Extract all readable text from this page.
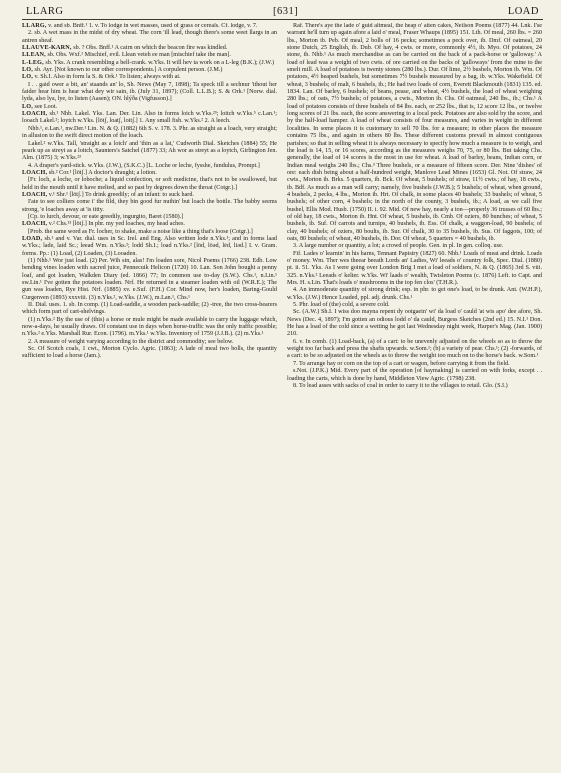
LLARG	[631]	LOAD

LLARG, v. and sb. Bnff.¹ 1. v. To lodge in wet masses, used of grass or cereals. Cf. lodge, v. 7.

2. sb. A wet mass in the midst of dry wheat. The corn 'ill lead, though there's some weet llargs in an antren sheaf.

LLAUVE-KARN, sb. ? Obs. Bnff.¹ A cairn on which the beacon fire was kindled.

LLEAN, sb. Obs. Wxf.¹ Mischief, evil. Llean veteh ee man [mischief take the man].

L-LEG, sb. Yks. A crank resembling a bell-crank. w.Yks. It will hev ta work on a L-leg (B.K.); (J.W.)

LO, sb. Ayr. [Not known to our other correspondents.] A corpulent person. (J.M.)

LO, v. Sh.I. Also in form la S. & Ork.¹ To listen; always with at.

I . . gaid ower a bit, an' staands an' lo, Sh. News (May 7, 1898); Ta speck till a sechnur 'ithout her faider hear him is hear what dey wir sain, ib. (July 31, 1897); (Coll. L.L.B.); S. & Ork.¹ [Norw. dial. lyda, also lya, lye, to listen (Aasen); ON. hlýða (Vigfusson).]

LO, see Loot.

LOACH, sb.¹ Nhb. Lakel. Yks. Lan. Der. Lin. Also in forms loich w.Yks.²³; loitch w.Yks.⁵ c.Lan.¹; looach Lakel.²; loytch w.Yks. [lōtʃ, loatʃ, loitʃ.] 1. Any small fish. w.Yks.² 2. A leech.

Nhb.¹, e.Lan.¹, nw.Der.¹ Lin. N. & Q. (1882) 6th S. v. 178. 3. Phr. as straight as a loach, very straight; in allusion to the swift direct motion of the loach.

Lakel.² w.Yks. Tall, 'straight as a loich' and 'thin as a lat,' Cudworth Dial. Sketches (1884) 55; He peark up as streyt as a loitch, Saunters's Satchel (1877) 33; Ah wor as streyt as a loytch, Girlington Jen. Alm. (1875) 3; w.Yks.²³

4. A draper's yard-stick. w.Yks. (J.W.), (S.K.C.) [L. Loche or leche, fysshe, fundulus, Prompt.]

LOACH, sb.² Cor.¹ [lōtʃ.] A doctor's draught; a lotion.

[Fr. loch, a loche, or loboche; a liquid confection, or soft medicine, that's not to be swallowed, but held in the mouth until it have melted, and so past by degrees down the throat (Cotgr.).]

LOACH, v.¹ Shr.¹ [lōtʃ.] To drink greedily; of an infant: to suck hard.

I'ate to see colliers come i' the fild, they bin good fur nuthin' but loach the bottle. The babby seems strong, 'e loaches away at 'is titty.

[Cp. to lurch, devour, or eate greedily, ingurgito, Baret (1580).]

LOACH, v.² Chs.¹³ [lōtʃ.] In phr. my yed loaches, my head aches.

[Prob. the same word as Fr. locher, to shake, make a noise like a thing that's loose (Cotgr.).]

LOAD, sb.¹ and v. Var. dial. uses in Sc. Irel. and Eng. Also written lode n.Yks.¹; and in forms laad w.Yks.; lade, laid Sc.; leead Wm. n.Yks.²; lodd Sh.I.; load n.Yks.² [lōd, lōəd, lēd, liəd.] I. v. Gram. forms. Pp.: (1) Load, (2) Loaden, (3) Looaden.

(1) Nhb.¹ Wor just load. (2) Per. Wih sin, alas! I'm loaden sore, Nicol Poems (1766) 238. Edb. Low bending vines loaden with sacred juice, Pennecuik Helicon (1720) 10. Lan. Son John bought a penny loaf, and got loaden, Walkden Diary (ed. 1866) 77; In common use to-day (S.W.). Chs.¹, n.Lin.¹ sw.Lin.¹ I've gotten the potatoes loaden. Nrf. He returned in a steamer loaden with oil (W.R.E.); The gun was loaden, Rye Hist. Nrf. (1885) xv. e.Suf. (F.H.) Cor. Mind now, her's loaden, Baring-Gould Curgenven (1893) xxxviii. (3) n.Yks.², w.Yks. (J.W.), m.Lan.¹, Chs.¹

II. Dial. uses. 1. sb. In comp. (1) Load-saddle, a wooden pack-saddle; (2) -tree, the two cross-bearers which form part of cart-shelvings.

(1) n.Yks.² By the use of (this) a horse or mule might be made available to carry the luggage which, now-a-days, he usually draws. Of constant use in days when horse-traffic was the only traffic possible; n.Yks.² e.Yks. Marshall Rur. Econ. (1796). m.Yks.¹ w.Yks. Inventory of 1759 (J.J.B.). (2) m.Yks.¹

2. A measure of weight varying according to the district and commodity; see below.

Sc. Of Scotch coals, 1 cwt., Morton Cyclo. Agric. (1863); A lade of meal two bolls, the quantity sufficient to load a horse (Jam.).

Raf. There's aye the lade o' guid altmeal, the heap o' aiten cakes, Neilson Poems (1877) 44. Lnk. I'se warrant he'll turn up again afore a laid o' meal, Fraser Whaups (1895) 151. Lth. Of meal, 260 lbs. = 260 lbs., Morton ib. Peb. Of meal, 2 bolls of 16 pecks; sometimes a peck over, ib. Dmf. Of oatmeal, 20 stone Dutch, 25 English, ib. Dub. Of hay, 4 cwts. or more, commonly 4½, ib. Myo. Of potatoes, 24 stone, ib. Nhb.¹ As much merchandise as can be carried on the back of a pack-horse or 'galloway.' A load of lead was a weight of two cwts. of ore carried on the backs of 'galloways' from the mine to the smelt mill. A load of potatoes is twenty stones (280 lbs.). Dur. Of lime, 2½ bushels, Morton ib. Wm. Of potatoes, 4½ heaped bushels, but sometimes 7½ bushels measured by a bag, ib. w.Yks. Wakefield. Of wheat, 3 bushels; of malt, 6 bushels, ib.; He had two loads of corn, Everett Blackmouth (1831) 135. ed. 1834. Lan. Of barley, 6 bushels; of beans, pease, and wheat, 4½ bushels, the load of wheat weighing 280 lbs.; of oats, 7½ bushels; of potatoes, a cwts., Morton ib. Chs. Of oatmeal, 240 lbs., ib.; Chs.¹ A load of potatoes consists of three bushels of 84 lbs. each, or 252 lbs., that is, 12 score 12 lbs., or twelve long scores of 21 lbs. each, the score answering to a local peck. Potatoes are also sold by the score, and by the half-load hamper. A load of wheat consists of four measures, and varies in weight in different localities. In some places it is customary to sell 70 lbs. for a measure; in other places the measure contains 75 lbs., and again in others 80 lbs. These different customs prevail in almost contiguous parishes; so that in selling wheat it is always necessary to specify how much a measure is to weigh, and the load is 14, 15, or 16 scores, according as the measures weighs 70, 75, or 80 lbs. But taking Chs. generally, the load of 14 scores is the most in use for wheat. A load of barley, beans, Indian corn, or Indian meal weighs 240 lbs.; Chs.³ Three bushels, or a measure of fifteen score. Der. Nine 'dishes' of ore: each dish being about a half-hundred weight, Manlove Lead Mines (1653) Gl. Not. Of straw, 24 cwts., Morton ib. Brks. 5 quarters, ib. Bck. Of wheat, 5 bushels; of straw, 11½ cwts.; of hay, 18 cwts., ib. Bdf. As much as a man will carry; namely, five bushels (J.W.B.); 5 bushels; of wheat, when ground, 4 bushels, 2 pecks, 4 lbs., Morton ib. Hrt. Of chalk, in some places 40 bushels; 33 bushels; of wheat, 5 bushels; of other corn, 4 bushels; in the north of the county, 3 bushels, ib.; A load, as we call five bushel, Ellis Mod. Husb. (1750) II. i. 92. Mid. Of new hay, nearly a ton—properly 36 trusses of 60 lbs.; of old hay, 18 cwts., Morton ib. Hnt. Of wheat, 5 bushels, ib. Cmb. Of oziers, 80 bunches; of wheat, 5 bushels, ib. Suf. Of carrots and turnips, 40 bushels, ib. Ess. Of chalk, a waggon-load, 90 bushels; of clay, 40 bushels; of oziers, 80 boults, ib. Sur. Of chalk, 30 to 35 bushels, ib. Sus. Of faggots, 100; of oats, 80 bushels; of wheat, 40 bushels, ib. Dor. Of wheat, 5 quarters = 40 bushels, ib.

3. A large number or quantity, a lot; a crowd of people. Gen. in pl. In gen. colloq. use.

Fif. Lades o' learnin' in his harns, Tennant Papistry (1827) 60. Nhb.¹ Loads of meat and drink. Loads o' money. Wm. Ther wes theear beeath Lords an' Ladies, Wi' leeads o' country folk, Spec. Dial. (1880) pt. ii. 51. Yks. As I were going over London Brig I met a load of soldiers, N. & Q. (1865) 3rd S. viii. 325. n.Yks.² Leeads o' kelter. w.Yks. Wi' laads o' wealth, Twisleton Poems (c. 1876) Left. to Capt. and Mrs. H. s.Lin. That's loads o' mushrooms in the top fen clos' (T.H.R.).

4. An immoderate quantity of strong drink; esp. in phr. to get one's load, to be drunk. Ant. (W.H.P.), w.Yks. (J.W.) Hence Loaded, ppl. adj. drunk. Chs.¹

5. Phr. load of (the) cold, a severe cold.

Sc. (A.W.) Sh.I. I wiss doo mayna repent dy ootgaein' wi' da load o' cauld 'at wis apo' dee afore, Sh. News (Dec. 4, 1897); I'm gotten an odious lodd o' da cauld, Burgess Sketches (2nd ed.) 15. N.I.¹ Don. He has a load of the cold since a wetting he got last Wednesday night week, Harper's Mag. (Jan. 1900) 210.

6. v. In comb. (1) Load-back, (a) of a cart: to be unevenly adjusted on the wheels so as to throw the weight too far back and press the shafts upwards. w.Som.¹; (b) a variety of pear. Chs.¹; (2) -forwards, of a cart: to be so adjusted on the wheels as to throw the weight too much on to the horse's back. w.Som.¹

7. To arrange hay or corn on the top of a cart or wagon, before carrying it from the field.

s.Not. (J.P.K.) Mid. Every part of the operation [of haymaking] is carried on with forks, except . . loading the carts, which is done by hand, Middleton View Agric. (1798) 238.

8. To lead asses with sacks of coal in order to carry it to the villages to retail. Glo. (S.I.)
